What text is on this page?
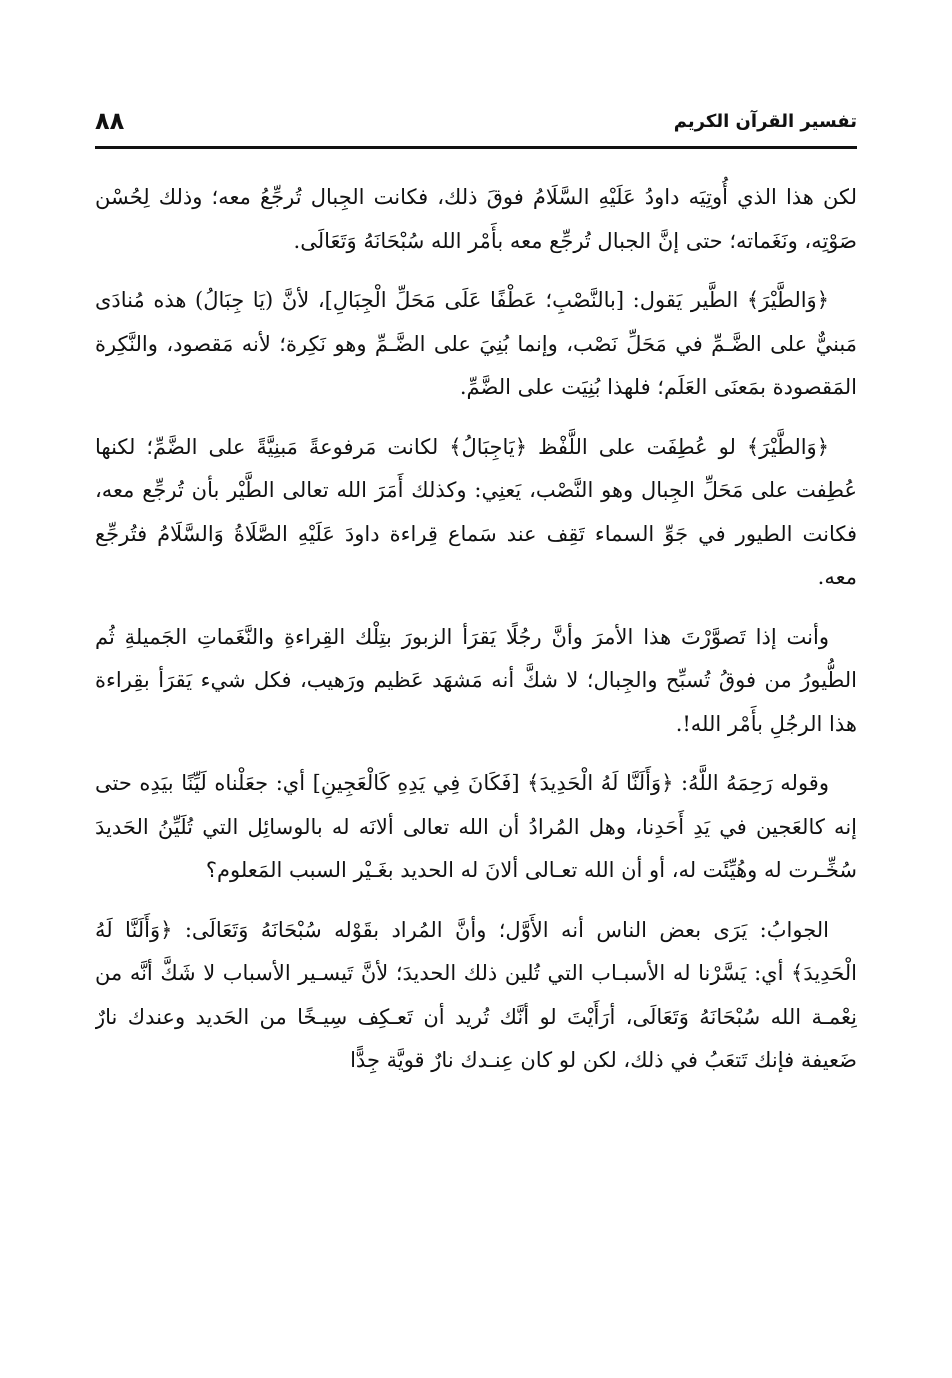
٨٨	تفسير القرآن الكريم

لكن هذا الذي أُوتِيَه داودُ عَلَيْهِ السَّلَامُ فوقَ ذلك، فكانت الجِبال تُرجِّعُ معه؛ وذلك لِحُسْن صَوْتِه، ونَغَماته؛ حتى إنَّ الجبال تُرجِّع معه بأَمْر الله سُبْحَانَهُ وَتَعَالَى.

﴿وَالطَّيْرَ﴾ الطَّير يَقول: [بالنَّصْبِ؛ عَطْفًا عَلَى مَحَلِّ الْجِبَالِ]، لأنَّ (يَا جِبَالُ) هذه مُنادَى مَبنيٌّ على الضَّـمِّ في مَحَلِّ نَصْب، وإنما بُنِيَ على الضَّـمِّ وهو نَكِرة؛ لأنه مَقصود، والنَّكِرة المَقصودة بمَعنَى العَلَم؛ فلهذا بُنِيَت على الضَّمِّ.

﴿وَالطَّيْرَ﴾ لو عُطِفَت على اللَّفْظ ﴿يَاجِبَالُ﴾ لكانت مَرفوعةً مَبنِيَّةً على الضَّمِّ؛ لكنها عُطِفت على مَحَلِّ الجِبال وهو النَّصْب، يَعنِي: وكذلك أَمَرَ الله تعالى الطَّيْر بأن تُرجِّع معه، فكانت الطيور في جَوِّ السماء تَقِف عند سَماع قِراءة داودَ عَلَيْهِ الصَّلَاةُ وَالسَّلَامُ فتُرجِّع معه.

وأنت إذا تَصوَّرْتَ هذا الأمرَ وأنَّ رجُلًا يَقرَأ الزبورَ بتِلْك القِراءةِ والنَّغَماتِ الجَميلةِ ثُم الطُّيورُ من فوقُ تُسبِّح والجِبال؛ لا شكَّ أنه مَشهَد عَظيم ورَهيب، فكل شيء يَقرَأ بقِراءة هذا الرجُلِ بأَمْر الله!.

وقوله رَحِمَهُ اللَّهُ: ﴿وَأَلَنَّا لَهُ الْحَدِيدَ﴾ [فَكَانَ فِي يَدِهِ كَالْعَجِينِ] أي: جعَلْناه لَيِّنًا بيَدِه حتى إنه كالعَجين في يَدِ أَحَدِنا، وهل المُرادُ أن الله تعالى ألانَه له بالوسائِل التي تُلَيِّنُ الحَديدَ سُخِّـرت له وهُيِّئَت له، أو أن الله تعـالى ألانَ له الحديد بغَـيْر السبب المَعلوم؟

الجوابُ: يَرَى بعض الناس أنه الأَوَّل؛ وأنَّ المُراد بقَوْله سُبْحَانَهُ وَتَعَالَى: ﴿وَأَلَنَّا لَهُ الْحَدِيدَ﴾ أي: يَسَّرْنا له الأسبـاب التي تُلين ذلك الحديدَ؛ لأنَّ تَيسـير الأسباب لا شَكَّ أنَّه من نِعْمـة الله سُبْحَانَهُ وَتَعَالَى، أرَأَيْتَ لو أنَّك تُريد أن تَعـكِف سِيـخًا من الحَديد وعندك نارٌ ضَعيفة فإنك تَتعَبُ في ذلك، لكن لو كان عِنـدك نارٌ قويَّة جِدًّا
